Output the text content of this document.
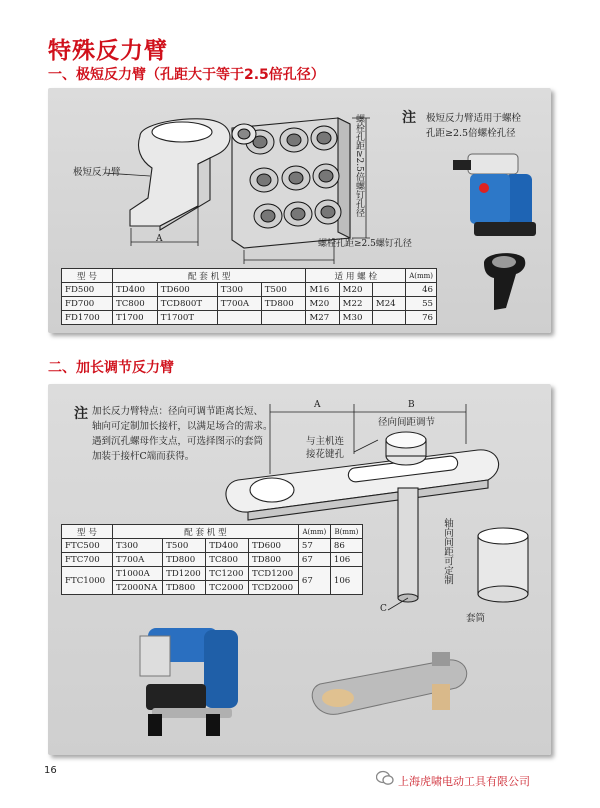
特殊反力臂
一、极短反力臂（孔距大于等于2.5倍孔径）
极短反力臂
A
螺栓孔距≥2.5倍螺钉孔径
螺栓孔距≥2.5螺钉孔径
注 极短反力臂适用于螺栓
孔距≥2.5倍螺栓孔径
型 号	配 套 机 型				适 用 螺 栓			A(mm)
FD500	TD400	TD600	T300	T500	M16	M20		46
FD700	TC800	TCD800T	T700A	TD800	M20	M22	M24	55
FD1700	T1700	T1700T			M27	M30		76
二、加长调节反力臂
注 加长反力臂特点：径向可调节距离长短、
轴向可定制加长接杆，以满足场合的需求。
遇到沉孔螺母作支点，可选择图示的套筒
加装于接杆C端而获得。
A	B
径向间距调节
与主机连
接花键孔
轴向间距可定制
套筒
C
型 号	配 套 机 型				A(mm)	B(mm)
FTC500	T300	T500	TD400	TD600	57	86
FTC700	T700A	TD800	TC800	TD800	67	106
FTC1000	T1000A	TD1200	TC1200	TCD1200	67	106
	T2000NA	TD800	TC2000	TCD2000		
16
上海虎啸电动工具有限公司
